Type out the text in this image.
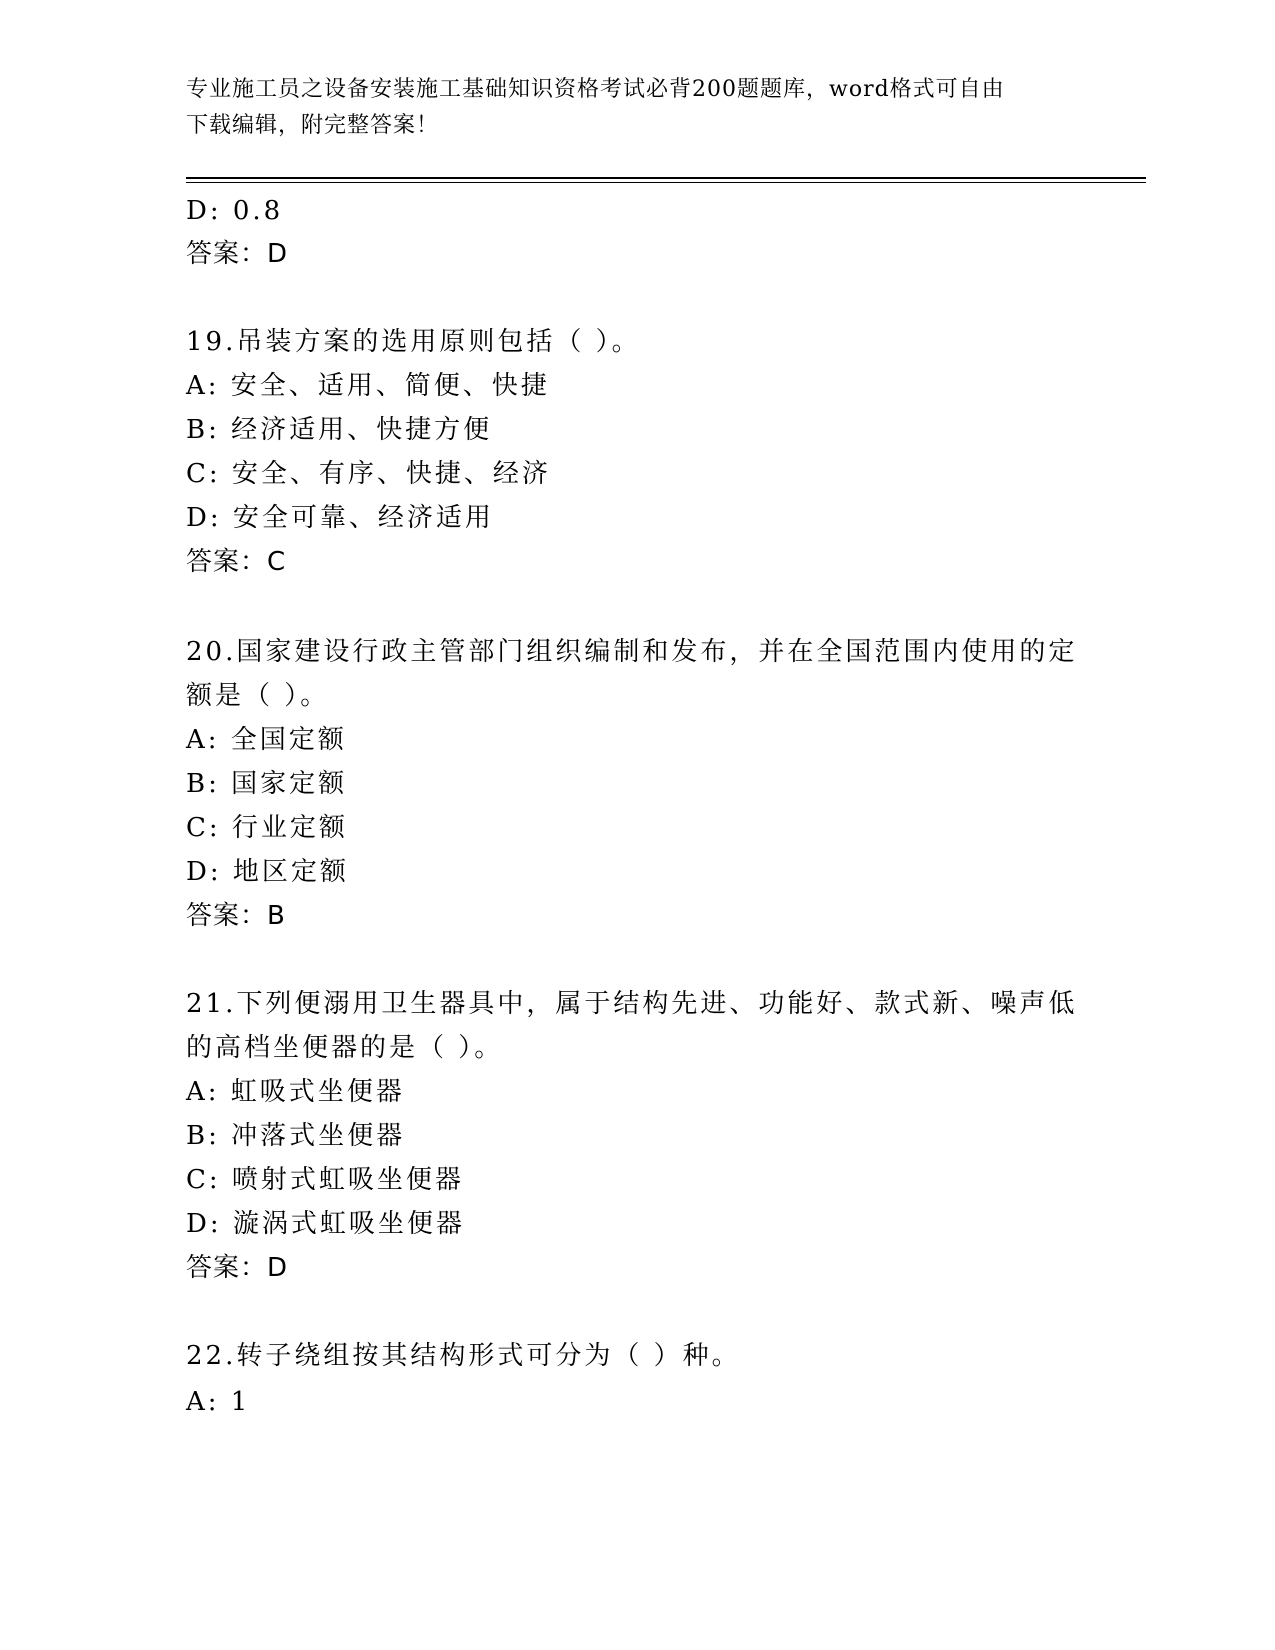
专业施工员之设备安装施工基础知识资格考试必背200题题库，word格式可自由
下载编辑，附完整答案！
D: 0.8
答案：D
19.吊装方案的选用原则包括（ ）。
A: 安全、适用、简便、快捷
B: 经济适用、快捷方便
C: 安全、有序、快捷、经济
D: 安全可靠、经济适用
答案：C
20.国家建设行政主管部门组织编制和发布，并在全国范围内使用的定
额是（ ）。
A: 全国定额
B: 国家定额
C: 行业定额
D: 地区定额
答案：B
21.下列便溺用卫生器具中，属于结构先进、功能好、款式新、噪声低
的高档坐便器的是（ ）。
A: 虹吸式坐便器
B: 冲落式坐便器
C: 喷射式虹吸坐便器
D: 漩涡式虹吸坐便器
答案：D
22.转子绕组按其结构形式可分为（ ）种。
A: 1
